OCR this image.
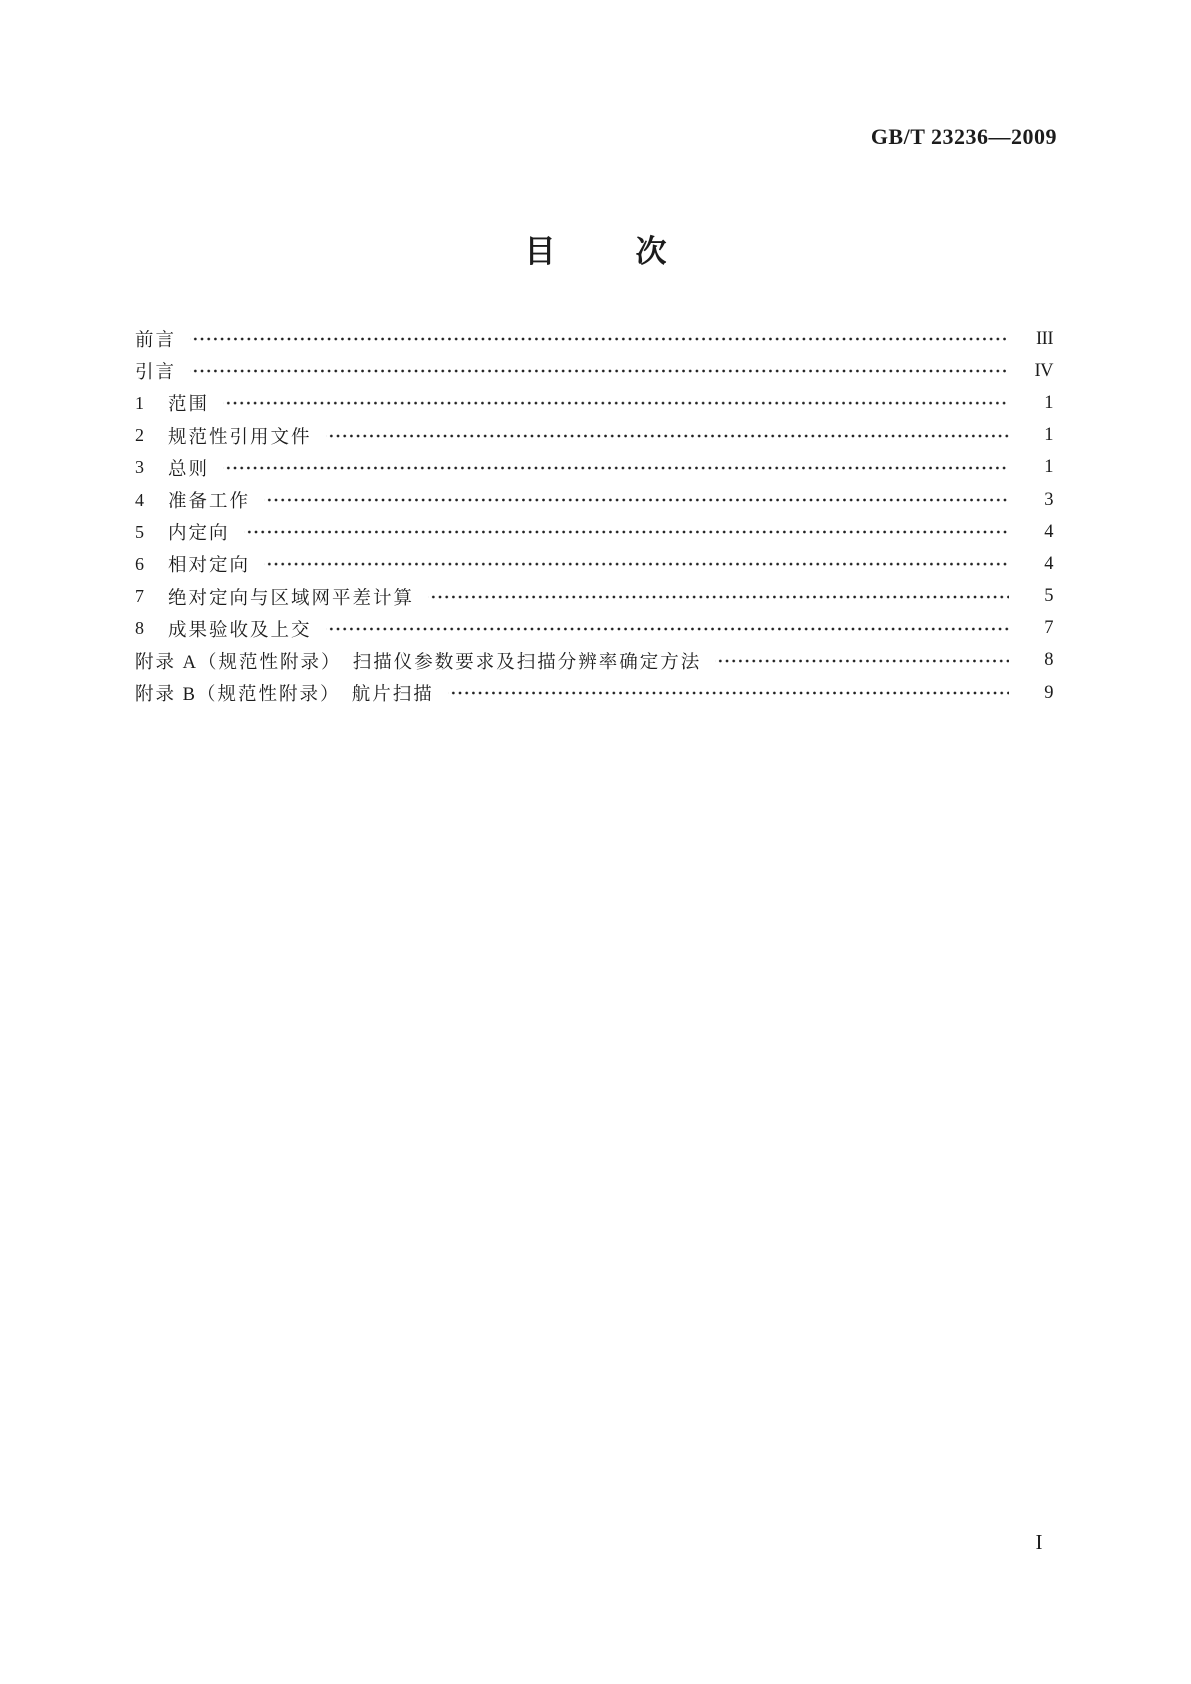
GB/T 23236—2009
目　　次
前言	III
引言	IV
1	范围	1
2	规范性引用文件	1
3	总则	1
4	准备工作	3
5	内定向	4
6	相对定向	4
7	绝对定向与区域网平差计算	5
8	成果验收及上交	7
附录 A（规范性附录）　扫描仪参数要求及扫描分辨率确定方法	8
附录 B（规范性附录）　航片扫描	9
I
